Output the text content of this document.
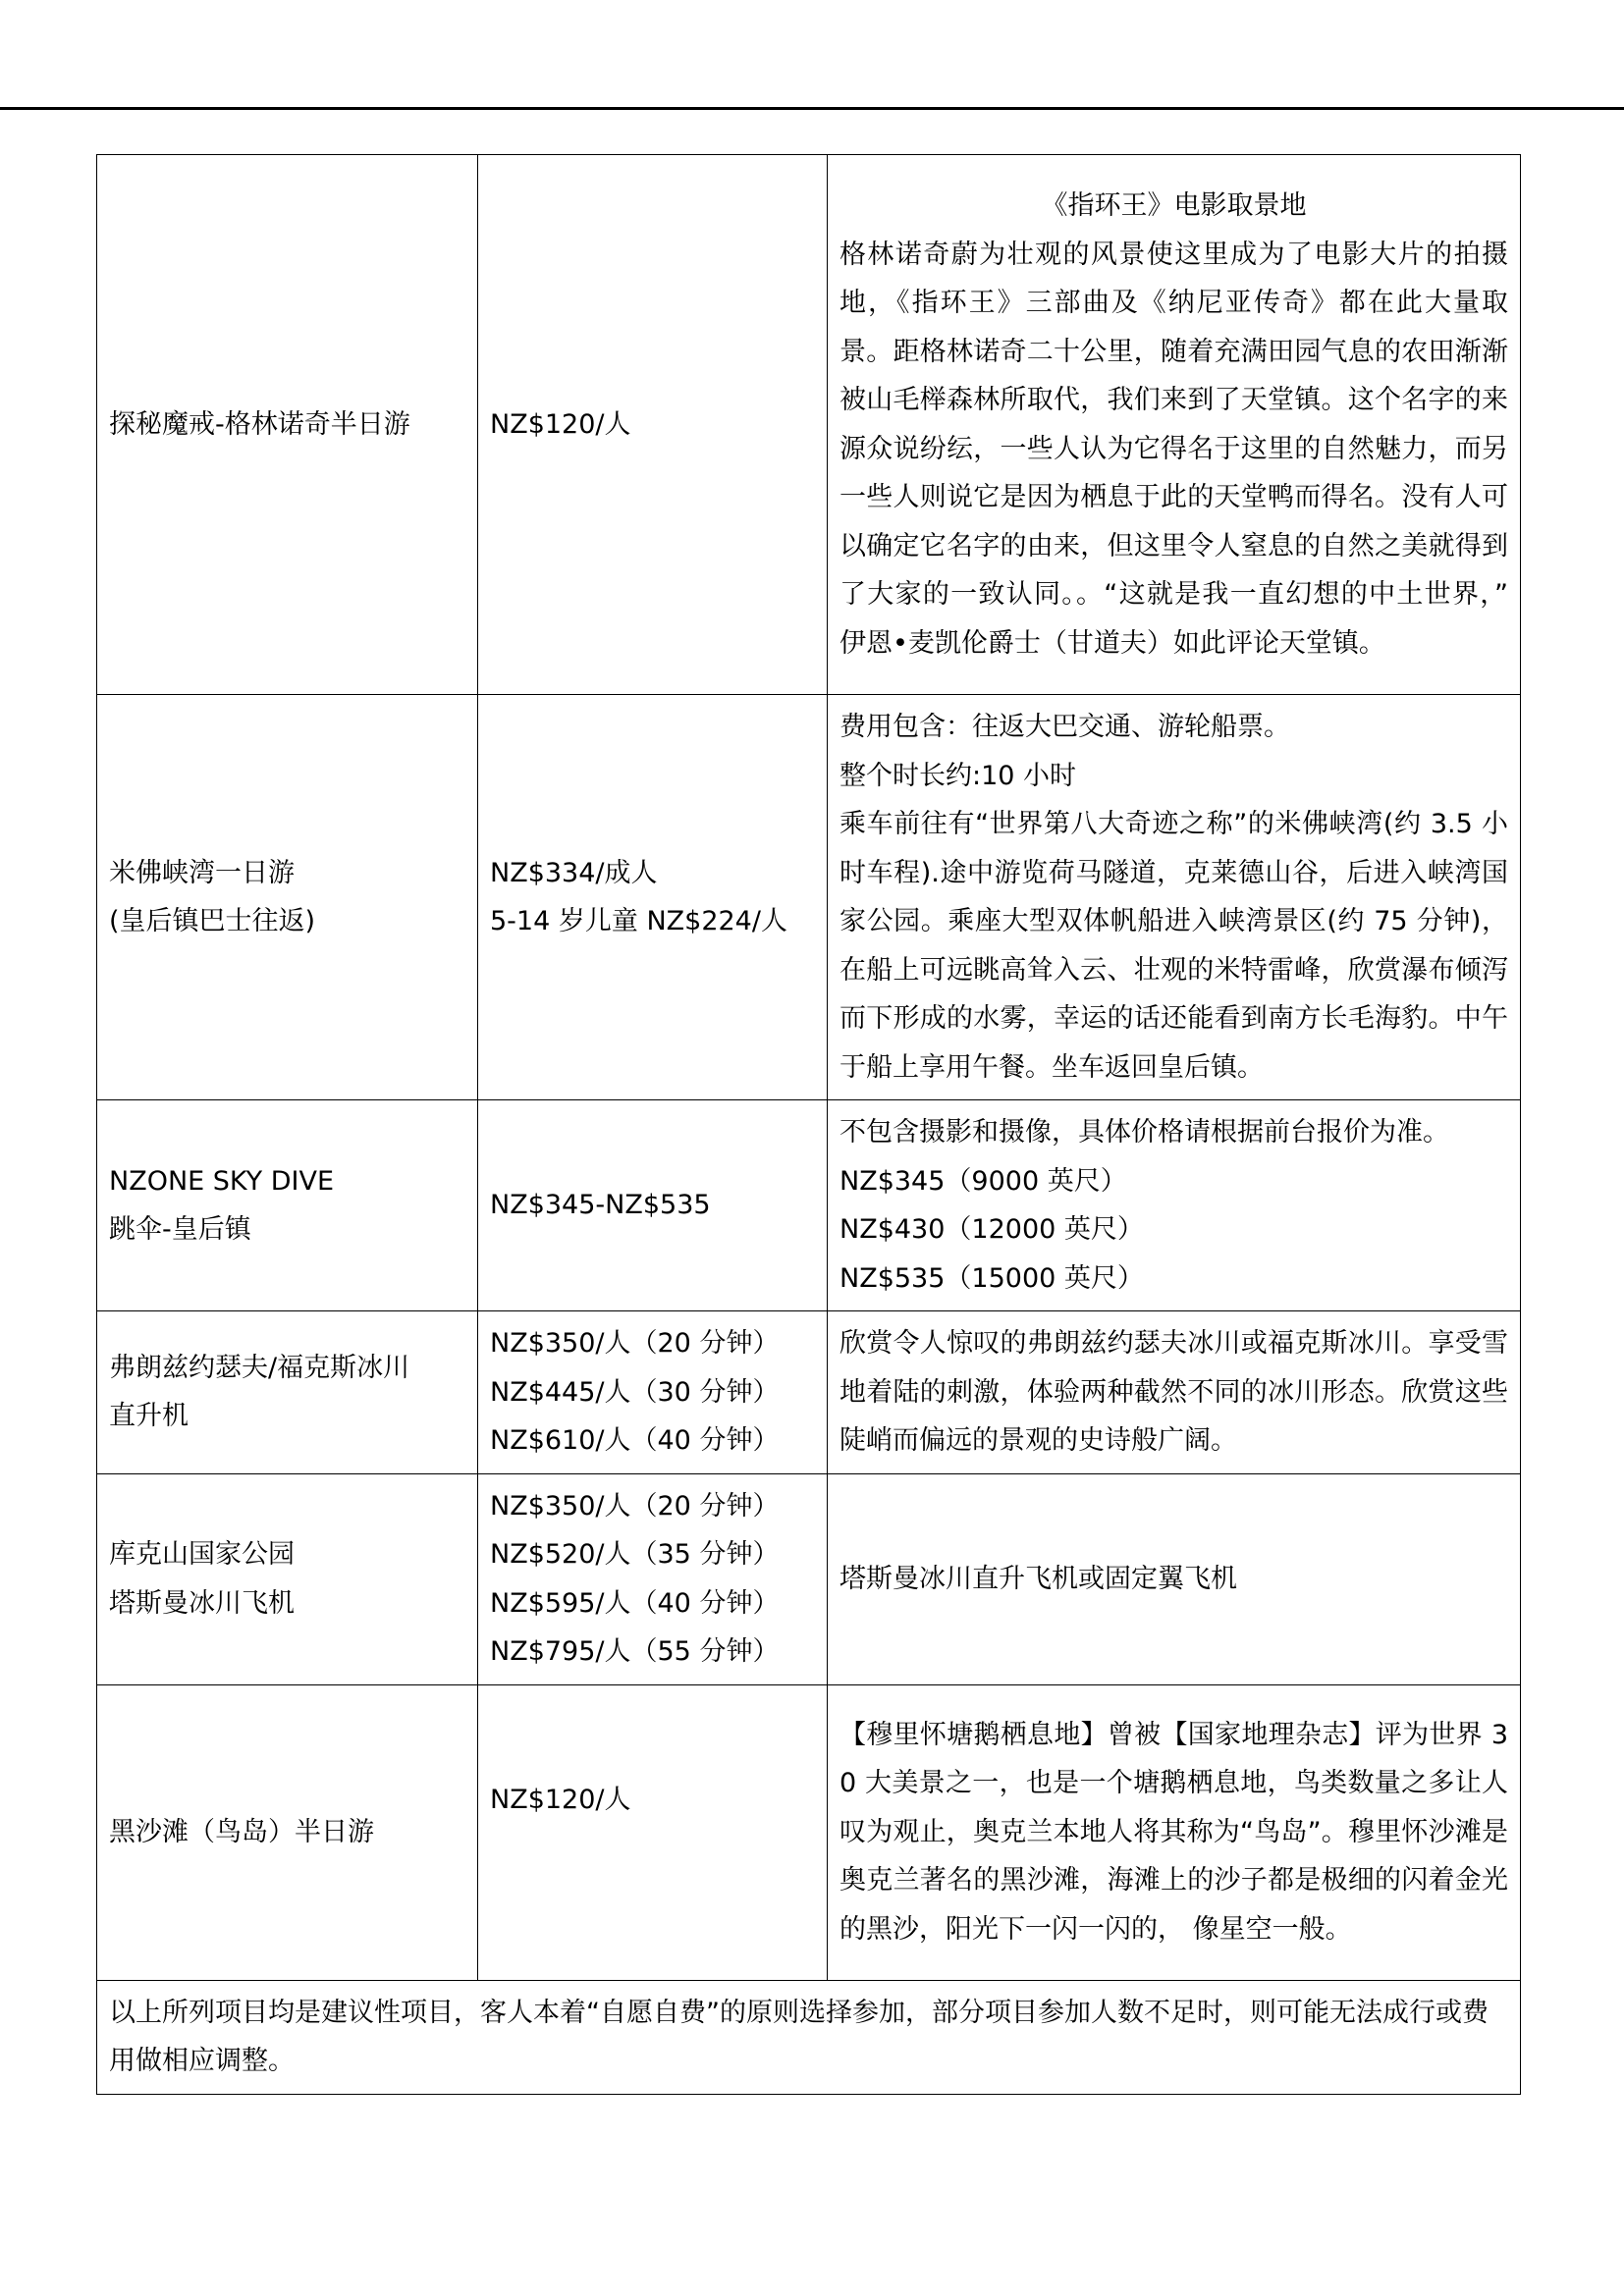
探秘魔戒-格林诺奇半日游	NZ$120/人	《指环王》电影取景地
格林诺奇蔚为壮观的风景使这里成为了电影大片的拍摄地，《指环王》三部曲及《纳尼亚传奇》都在此大量取景。距格林诺奇二十公里，随着充满田园气息的农田渐渐被山毛榉森林所取代，我们来到了天堂镇。这个名字的来源众说纷纭，一些人认为它得名于这里的自然魅力，而另一些人则说它是因为栖息于此的天堂鸭而得名。没有人可以确定它名字的由来，但这里令人窒息的自然之美就得到了大家的一致认同。。“这就是我一直幻想的中土世界，” 伊恩•麦凯伦爵士（甘道夫）如此评论天堂镇。

米佛峡湾一日游
(皇后镇巴士往返)	NZ$334/成人
5-14 岁儿童 NZ$224/人	费用包含：往返大巴交通、游轮船票。
整个时长约:10 小时
乘车前往有“世界第八大奇迹之称”的米佛峡湾(约 3.5 小时车程).途中游览荷马隧道，克莱德山谷，后进入峡湾国家公园。乘座大型双体帆船进入峡湾景区(约 75 分钟)，在船上可远眺高耸入云、壮观的米特雷峰，欣赏瀑布倾泻而下形成的水雾，幸运的话还能看到南方长毛海豹。中午于船上享用午餐。坐车返回皇后镇。

NZONE SKY DIVE
跳伞-皇后镇	NZ$345-NZ$535	不包含摄影和摄像，具体价格请根据前台报价为准。
NZ$345（9000 英尺）
NZ$430（12000 英尺）
NZ$535（15000 英尺）

弗朗兹约瑟夫/福克斯冰川
直升机	NZ$350/人（20 分钟）
NZ$445/人（30 分钟）
NZ$610/人（40 分钟）	欣赏令人惊叹的弗朗兹约瑟夫冰川或福克斯冰川。享受雪地着陆的刺激，体验两种截然不同的冰川形态。欣赏这些陡峭而偏远的景观的史诗般广阔。

库克山国家公园
塔斯曼冰川飞机	NZ$350/人（20 分钟）
NZ$520/人（35 分钟）
NZ$595/人（40 分钟）
NZ$795/人（55 分钟）	塔斯曼冰川直升飞机或固定翼飞机

黑沙滩（鸟岛）半日游	NZ$120/人	【穆里怀塘鹅栖息地】曾被【国家地理杂志】评为世界 30 大美景之一，也是一个塘鹅栖息地，鸟类数量之多让人叹为观止，奥克兰本地人将其称为“鸟岛”。穆里怀沙滩是奥克兰著名的黑沙滩，海滩上的沙子都是极细的闪着金光的黑沙，阳光下一闪一闪的， 像星空一般。

以上所列项目均是建议性项目，客人本着“自愿自费”的原则选择参加，部分项目参加人数不足时，则可能无法成行或费用做相应调整。		
